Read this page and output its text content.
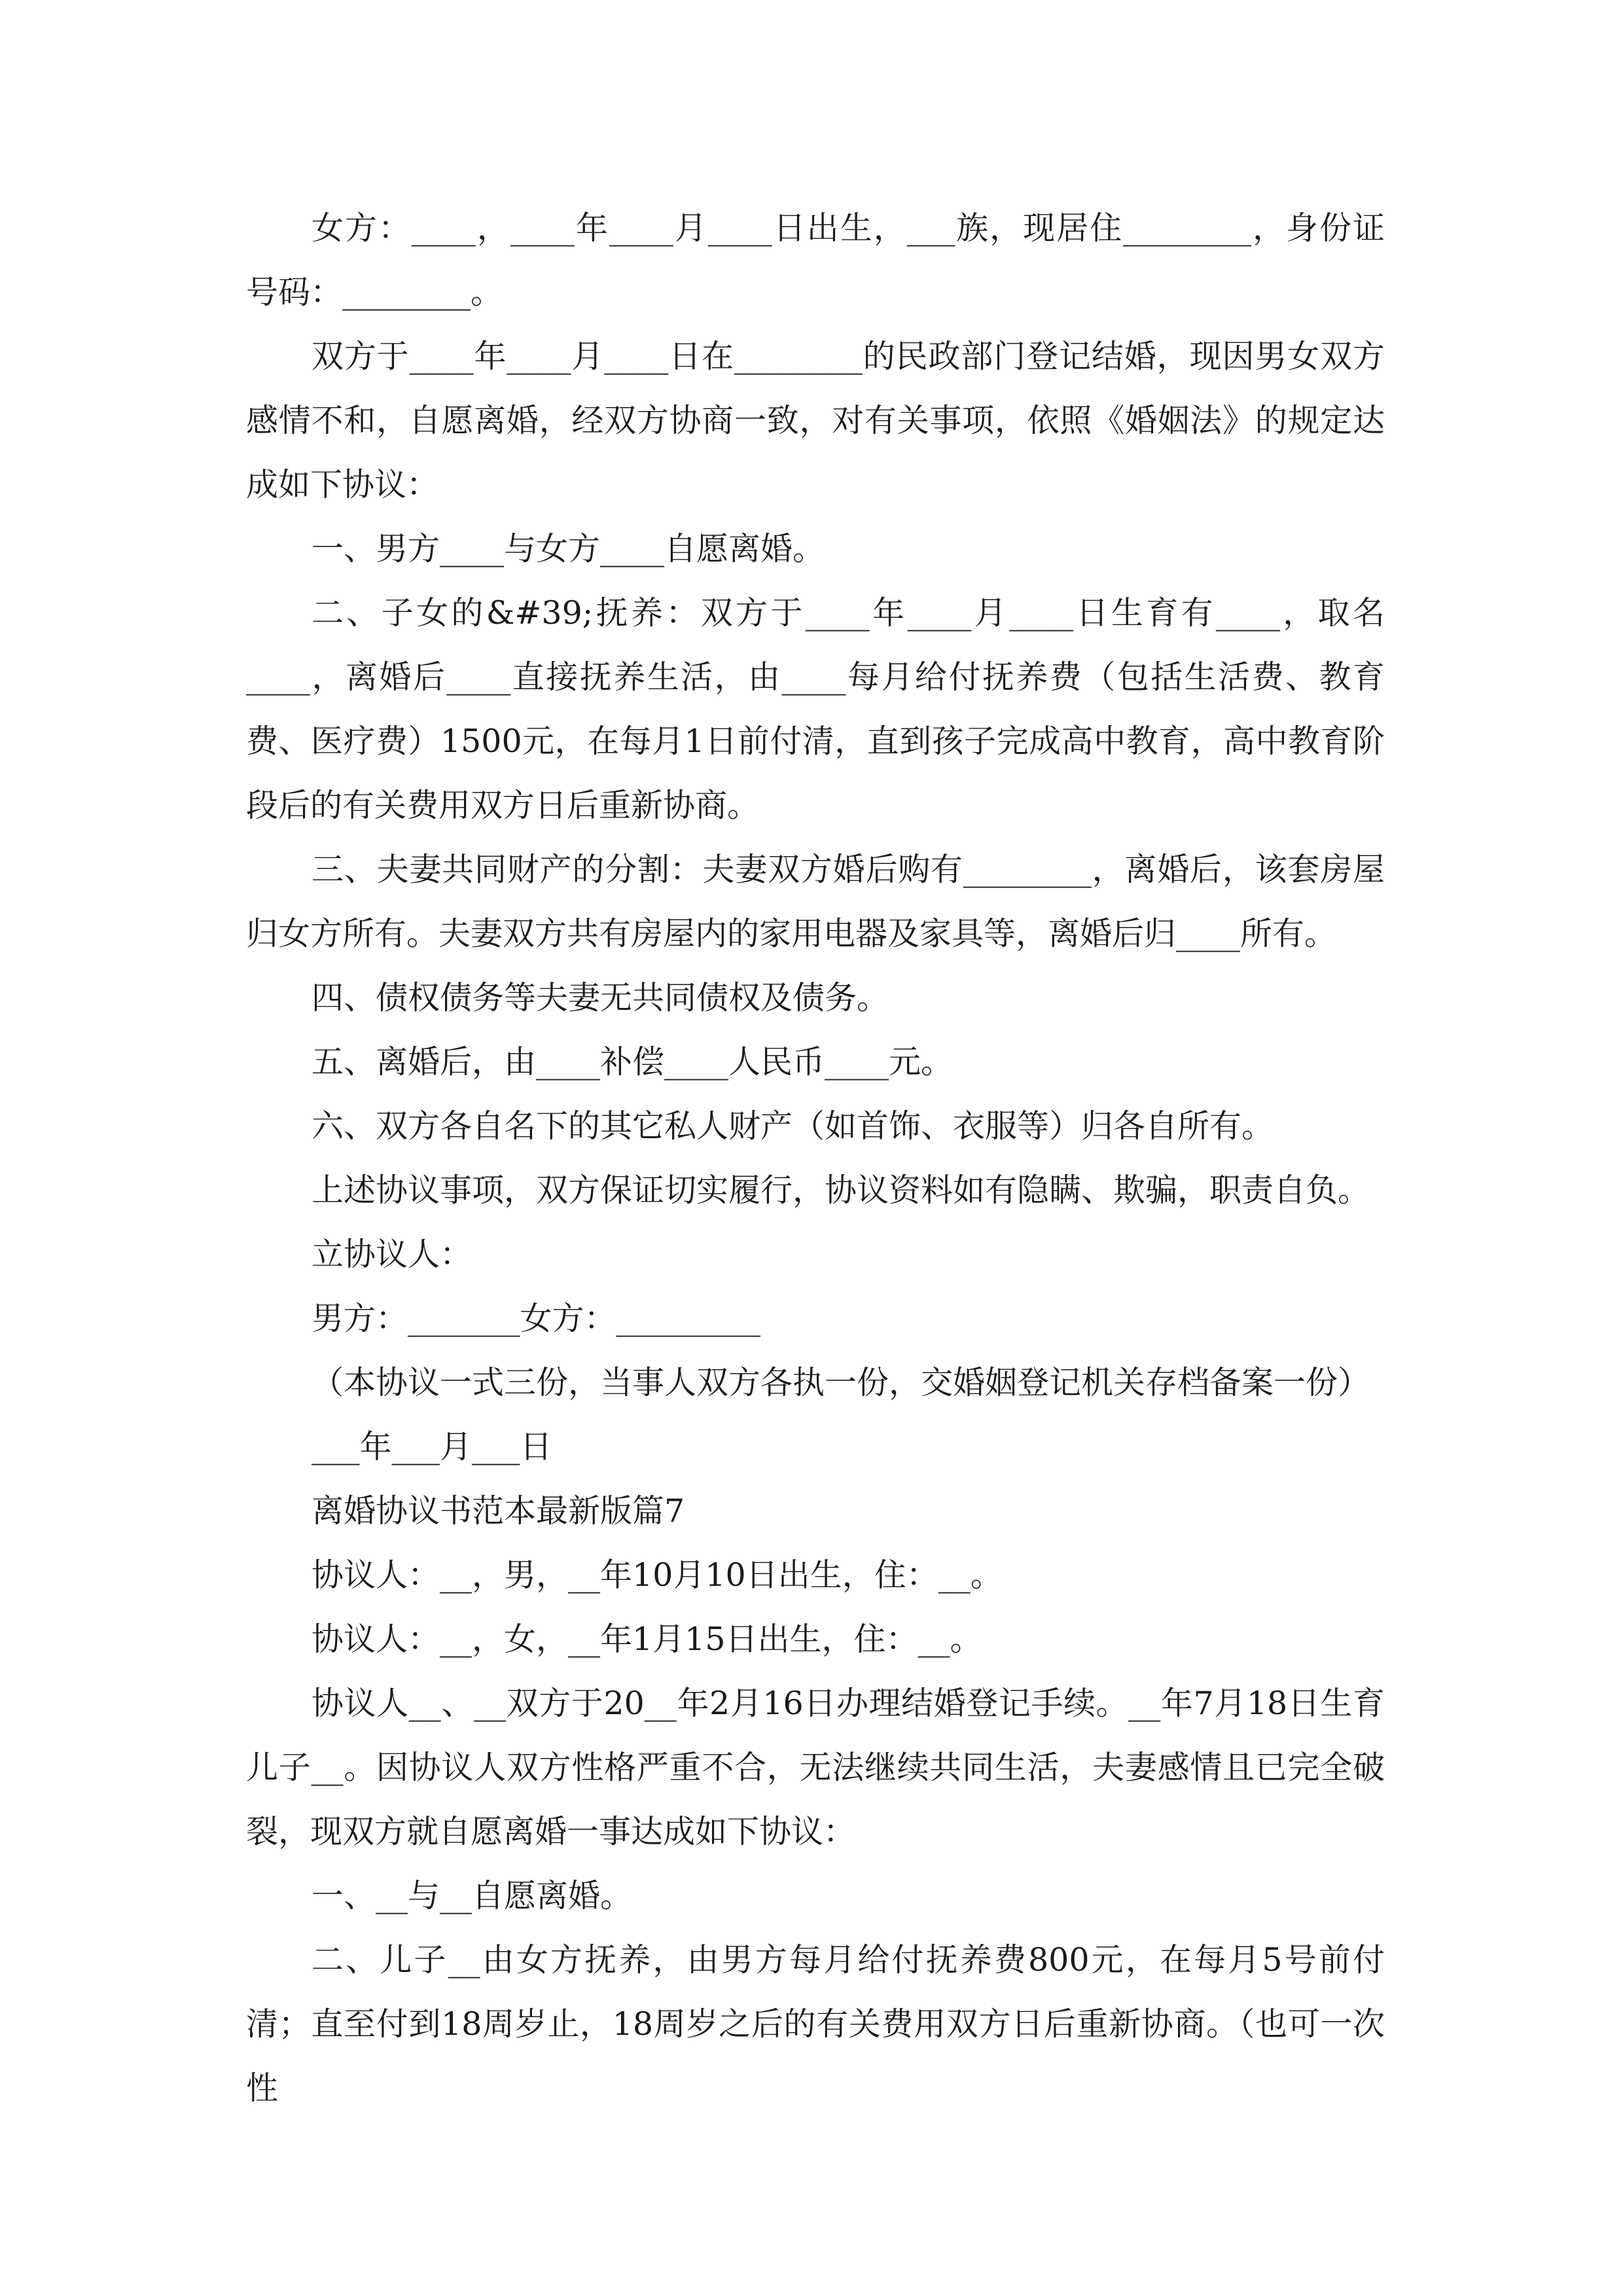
女方：____，____年____月____日出生，___族，现居住________，身份证号码：________。

双方于____年____月____日在________的民政部门登记结婚，现因男女双方感情不和，自愿离婚，经双方协商一致，对有关事项，依照《婚姻法》的规定达成如下协议：

一、男方____与女方____自愿离婚。

二、子女的&#39;抚养：双方于____年____月____日生育有____，取名____，离婚后____直接抚养生活，由____每月给付抚养费（包括生活费、教育费、医疗费）1500元，在每月1日前付清，直到孩子完成高中教育，高中教育阶段后的有关费用双方日后重新协商。

三、夫妻共同财产的分割：夫妻双方婚后购有________，离婚后，该套房屋归女方所有。夫妻双方共有房屋内的家用电器及家具等，离婚后归____所有。

四、债权债务等夫妻无共同债权及债务。

五、离婚后，由____补偿____人民币____元。

六、双方各自名下的其它私人财产（如首饰、衣服等）归各自所有。

上述协议事项，双方保证切实履行，协议资料如有隐瞒、欺骗，职责自负。

立协议人：

男方：_______女方：_________

（本协议一式三份，当事人双方各执一份，交婚姻登记机关存档备案一份）

___年___月___日

离婚协议书范本最新版篇7

协议人：__，男，__年10月10日出生，住：__。

协议人：__，女，__年1月15日出生，住：__。

协议人__、__双方于20__年2月16日办理结婚登记手续。__年7月18日生育儿子__。因协议人双方性格严重不合，无法继续共同生活，夫妻感情且已完全破裂，现双方就自愿离婚一事达成如下协议：

一、__与__自愿离婚。

二、儿子__由女方抚养，由男方每月给付抚养费800元，在每月5号前付清；直至付到18周岁止，18周岁之后的有关费用双方日后重新协商。（也可一次性
